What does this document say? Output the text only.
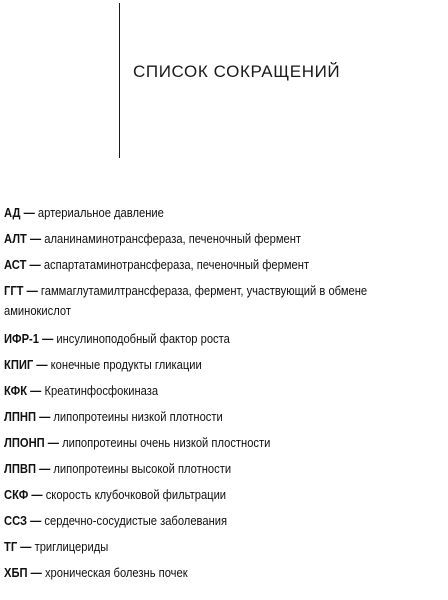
СПИСОК СОКРАЩЕНИЙ
АД — артериальное давление
АЛТ — аланинаминотрансфераза, печеночный фермент
АСТ — аспартатаминотрансфераза, печеночный фермент
ГГТ — гаммаглутамилтрансфераза, фермент, участвующий в обмене аминокислот
ИФР-1 — инсулиноподобный фактор роста
КПИГ — конечные продукты гликации
КФК — Креатинфосфокиназа
ЛПНП — липопротеины низкой плотности
ЛПОНП — липопротеины очень низкой плостности
ЛПВП — липопротеины высокой плотности
СКФ — скорость клубочковой фильтрации
ССЗ — сердечно-сосудистые заболевания
ТГ — триглицериды
ХБП — хроническая болезнь почек
